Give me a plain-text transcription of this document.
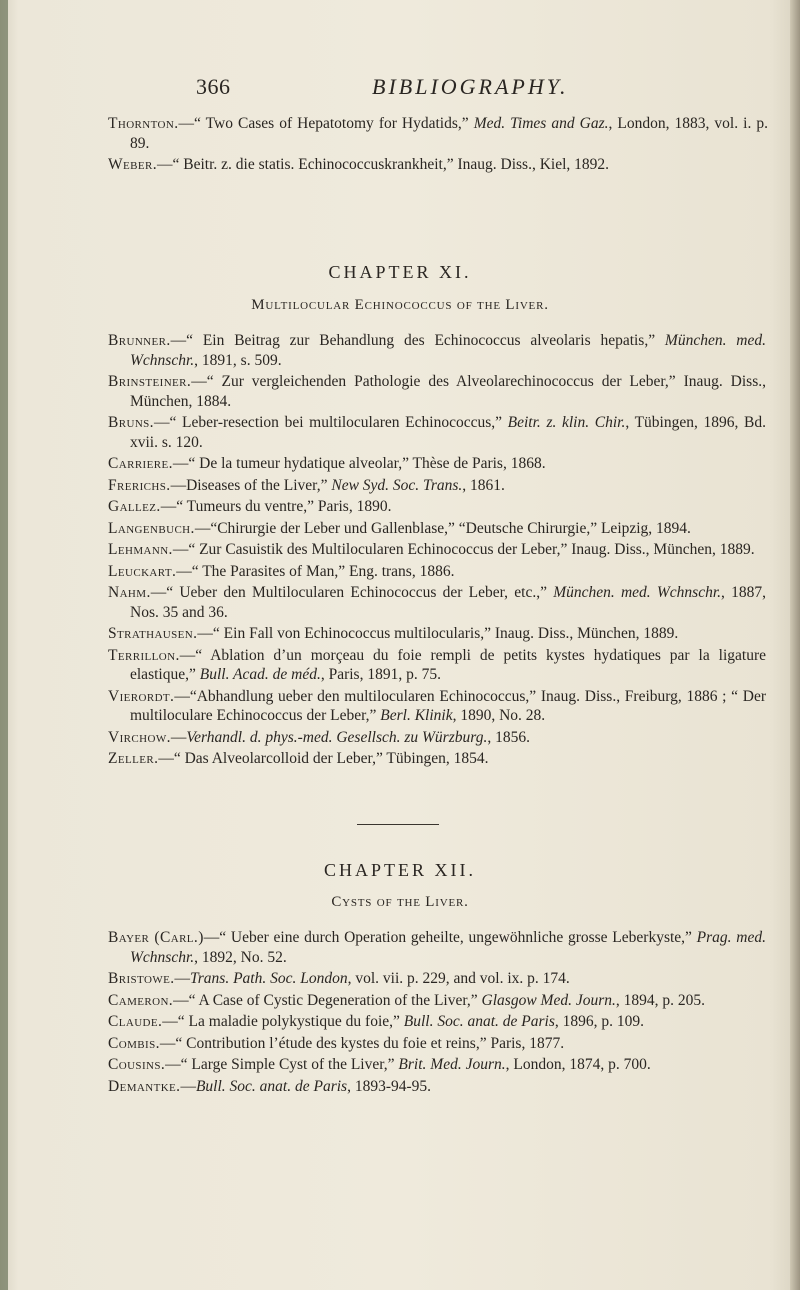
366	BIBLIOGRAPHY.

Thornton.—“ Two Cases of Hepatotomy for Hydatids,” Med. Times and Gaz., London, 1883, vol. i. p. 89.

Weber.—“ Beitr. z. die statis. Echinococcuskrankheit,” Inaug. Diss., Kiel, 1892.

CHAPTER XI.
Multilocular Echinococcus of the Liver.

Brunner.—“ Ein Beitrag zur Behandlung des Echinococcus alveolaris hepatis,” München. med. Wchnschr., 1891, s. 509.

Brinsteiner.—“ Zur vergleichenden Pathologie des Alveolarechinococcus der Leber,” Inaug. Diss., München, 1884.

Bruns.—“ Leber-resection bei multilocularen Echinococcus,” Beitr. z. klin. Chir., Tübingen, 1896, Bd. xvii. s. 120.

Carriere.—“ De la tumeur hydatique alveolar,” Thèse de Paris, 1868.

Frerichs.—Diseases of the Liver,” New Syd. Soc. Trans., 1861.

Gallez.—“ Tumeurs du ventre,” Paris, 1890.

Langenbuch.—“Chirurgie der Leber und Gallenblase,” “Deutsche Chirurgie,” Leipzig, 1894.

Lehmann.—“ Zur Casuistik des Multilocularen Echinococcus der Leber,” Inaug. Diss., München, 1889.

Leuckart.—“ The Parasites of Man,” Eng. trans, 1886.

Nahm.—“ Ueber den Multilocularen Echinococcus der Leber, etc.,” München. med. Wchnschr., 1887, Nos. 35 and 36.

Strathausen.—“ Ein Fall von Echinococcus multilocularis,” Inaug. Diss., München, 1889.

Terrillon.—“ Ablation d’un morçeau du foie rempli de petits kystes hydatiques par la ligature elastique,” Bull. Acad. de méd., Paris, 1891, p. 75.

Vierordt.—“Abhandlung ueber den multilocularen Echinococcus,” Inaug. Diss., Freiburg, 1886 ; “ Der multiloculare Echinococcus der Leber,” Berl. Klinik, 1890, No. 28.

Virchow.—Verhandl. d. phys.-med. Gesellsch. zu Würzburg., 1856.

Zeller.—“ Das Alveolarcolloid der Leber,” Tübingen, 1854.

CHAPTER XII.
Cysts of the Liver.

Bayer (Carl.)—“ Ueber eine durch Operation geheilte, ungewöhnliche grosse Leberkyste,” Prag. med. Wchnschr., 1892, No. 52.

Bristowe.—Trans. Path. Soc. London, vol. vii. p. 229, and vol. ix. p. 174.

Cameron.—“ A Case of Cystic Degeneration of the Liver,” Glasgow Med. Journ., 1894, p. 205.

Claude.—“ La maladie polykystique du foie,” Bull. Soc. anat. de Paris, 1896, p. 109.

Combis.—“ Contribution l’étude des kystes du foie et reins,” Paris, 1877.

Cousins.—“ Large Simple Cyst of the Liver,” Brit. Med. Journ., London, 1874, p. 700.

Demantke.—Bull. Soc. anat. de Paris, 1893-94-95.
